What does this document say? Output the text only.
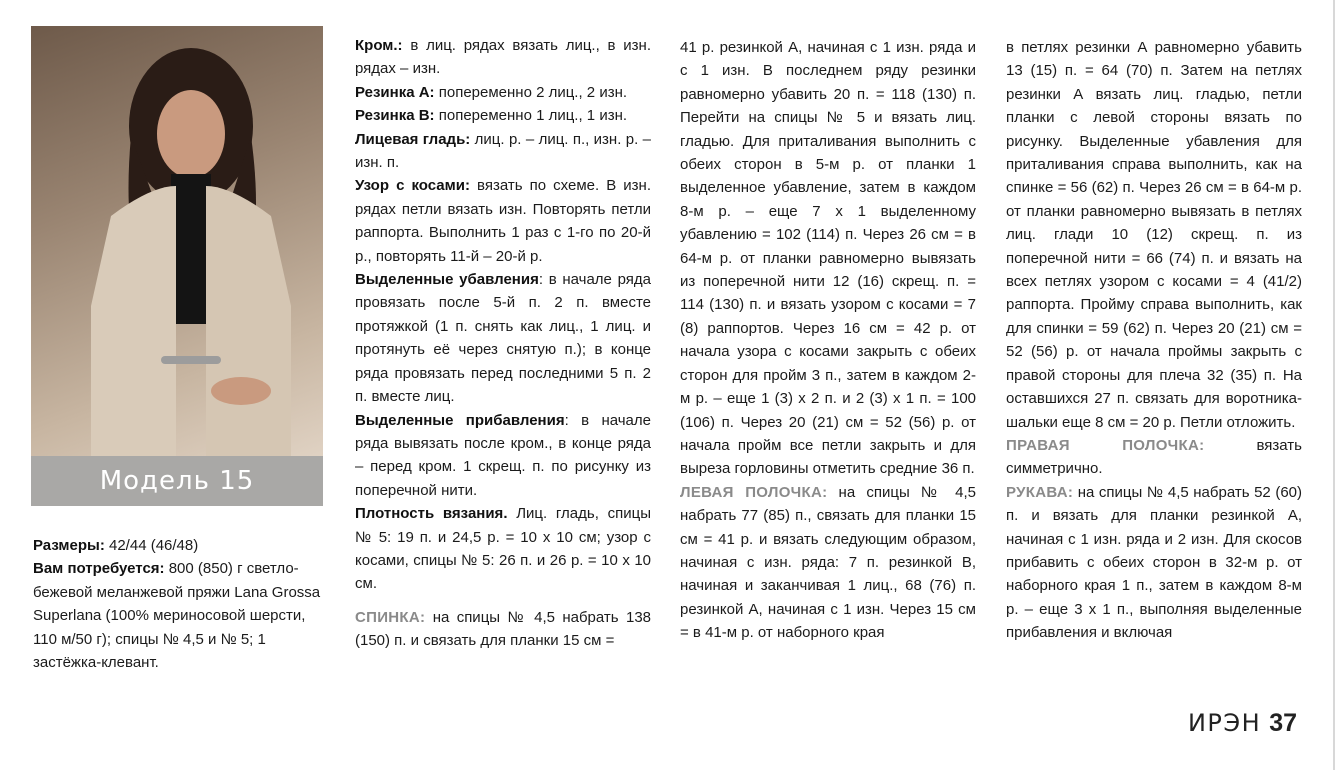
Модель 15

Размеры: 42/44 (46/48)

Вам потребуется: 800 (850) г светло-бежевой меланжевой пряжи Lana Grossa Superlana (100% мериносовой шерсти, 110 м/50 г); спицы № 4,5 и № 5; 1 застёжка-клевант.

Кром.: в лиц. рядах вязать лиц., в изн. рядах – изн.

Резинка А: попеременно 2 лиц., 2 изн.

Резинка В: попеременно 1 лиц., 1 изн.

Лицевая гладь: лиц. р. – лиц. п., изн. р. – изн. п.

Узор с косами: вязать по схеме. В изн. рядах петли вязать изн. Повторять петли раппорта. Выполнить 1 раз с 1-го по 20-й р., повторять 11-й – 20-й р.

Выделенные убавления: в начале ряда провязать после 5-й п. 2 п. вместе протяжкой (1 п. снять как лиц., 1 лиц. и протянуть её через снятую п.); в конце ряда провязать перед последними 5 п. 2 п. вместе лиц.

Выделенные прибавления: в начале ряда вывязать после кром., в конце ряда – перед кром. 1 скрещ. п. по рисунку из поперечной нити.

Плотность вязания. Лиц. гладь, спицы № 5: 19 п. и 24,5 р. = 10 x 10 см; узор с косами, спицы № 5: 26 п. и 26 р. = 10 x 10 см.

СПИНКА: на спицы № 4,5 набрать 138 (150) п. и связать для планки 15 см =

41 р. резинкой А, начиная с 1 изн. ряда и с 1 изн. В последнем ряду резинки равномерно убавить 20 п. = 118 (130) п. Перейти на спицы № 5 и вязать лиц. гладью. Для приталивания выполнить с обеих сторон в 5-м р. от планки 1 выделенное убавление, затем в каждом 8-м р. – еще 7 x 1 выделенному убавлению = 102 (114) п. Через 26 см = в 64-м р. от планки равномерно вывязать из поперечной нити 12 (16) скрещ. п. = 114 (130) п. и вязать узором с косами = 7 (8) раппортов. Через 16 см = 42 р. от начала узора с косами закрыть с обеих сторон для пройм 3 п., затем в каждом 2-м р. – еще 1 (3) x 2 п. и 2 (3) x 1 п. = 100 (106) п. Через 20 (21) см = 52 (56) р. от начала пройм все петли закрыть и для выреза горловины отметить средние 36 п.

ЛЕВАЯ ПОЛОЧКА: на спицы № 4,5 набрать 77 (85) п., связать для планки 15 см = 41 р. и вязать следующим образом, начиная с изн. ряда: 7 п. резинкой В, начиная и заканчивая 1 лиц., 68 (76) п. резинкой А, начиная с 1 изн. Через 15 см = в 41-м р. от наборного края

в петлях резинки А равномерно убавить 13 (15) п. = 64 (70) п. Затем на петлях резинки А вязать лиц. гладью, петли планки с левой стороны вязать по рисунку. Выделенные убавления для приталивания справа выполнить, как на спинке = 56 (62) п. Через 26 см = в 64-м р. от планки равномерно вывязать в петлях лиц. глади 10 (12) скрещ. п. из поперечной нити = 66 (74) п. и вязать на всех петлях узором с косами = 4 (41/2) раппорта. Пройму справа выполнить, как для спинки = 59 (62) п. Через 20 (21) см = 52 (56) р. от начала проймы закрыть с правой стороны для плеча 32 (35) п. На оставшихся 27 п. связать для воротника-шальки еще 8 см = 20 р. Петли отложить.

ПРАВАЯ ПОЛОЧКА: вязать симметрично.

РУКАВА: на спицы № 4,5 набрать 52 (60) п. и вязать для планки резинкой А, начиная с 1 изн. ряда и 2 изн. Для скосов прибавить с обеих сторон в 32-м р. от наборного края 1 п., затем в каждом 8-м р. – еще 3 x 1 п., выполняя выделенные прибавления и включая

ИРЭН 37
